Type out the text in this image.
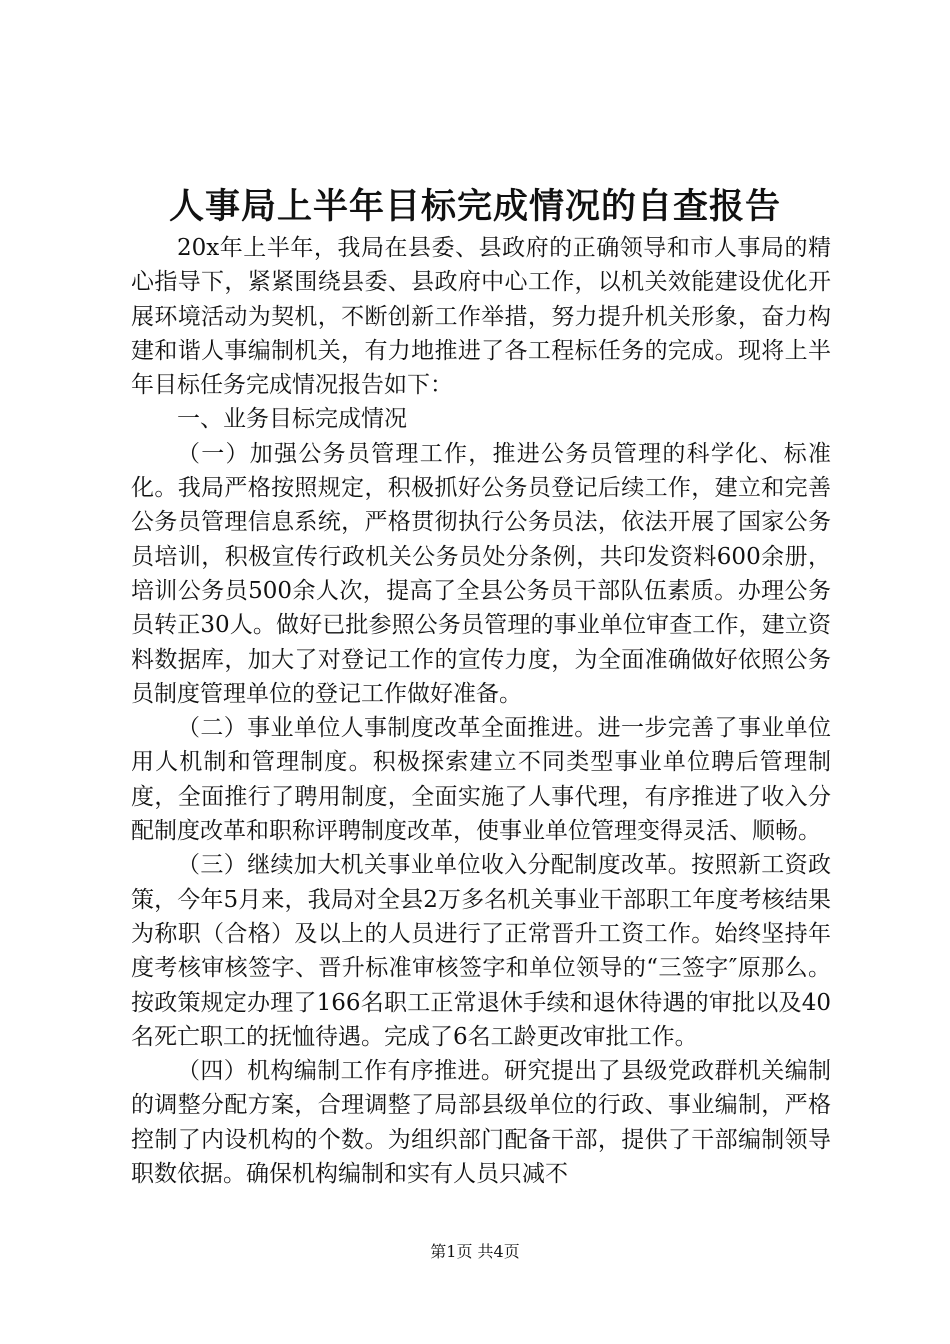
人事局上半年目标完成情况的自查报告

20x年上半年，我局在县委、县政府的正确领导和市人事局的精心指导下，紧紧围绕县委、县政府中心工作，以机关效能建设优化开展环境活动为契机，不断创新工作举措，努力提升机关形象，奋力构建和谐人事编制机关，有力地推进了各工程标任务的完成。现将上半年目标任务完成情况报告如下：

一、业务目标完成情况

（一）加强公务员管理工作，推进公务员管理的科学化、标准化。我局严格按照规定，积极抓好公务员登记后续工作，建立和完善公务员管理信息系统，严格贯彻执行公务员法，依法开展了国家公务员培训，积极宣传行政机关公务员处分条例，共印发资料600余册，培训公务员500余人次，提高了全县公务员干部队伍素质。办理公务员转正30人。做好已批参照公务员管理的事业单位审查工作，建立资料数据库，加大了对登记工作的宣传力度，为全面准确做好依照公务员制度管理单位的登记工作做好准备。

（二）事业单位人事制度改革全面推进。进一步完善了事业单位用人机制和管理制度。积极探索建立不同类型事业单位聘后管理制度，全面推行了聘用制度，全面实施了人事代理，有序推进了收入分配制度改革和职称评聘制度改革，使事业单位管理变得灵活、顺畅。

（三）继续加大机关事业单位收入分配制度改革。按照新工资政策，今年5月来，我局对全县2万多名机关事业干部职工年度考核结果为称职（合格）及以上的人员进行了正常晋升工资工作。始终坚持年度考核审核签字、晋升标准审核签字和单位领导的“三签字″原那么。按政策规定办理了166名职工正常退休手续和退休待遇的审批以及40名死亡职工的抚恤待遇。完成了6名工龄更改审批工作。

（四）机构编制工作有序推进。研究提出了县级党政群机关编制的调整分配方案，合理调整了局部县级单位的行政、事业编制，严格控制了内设机构的个数。为组织部门配备干部，提供了干部编制领导职数依据。确保机构编制和实有人员只减不

第1页 共4页
